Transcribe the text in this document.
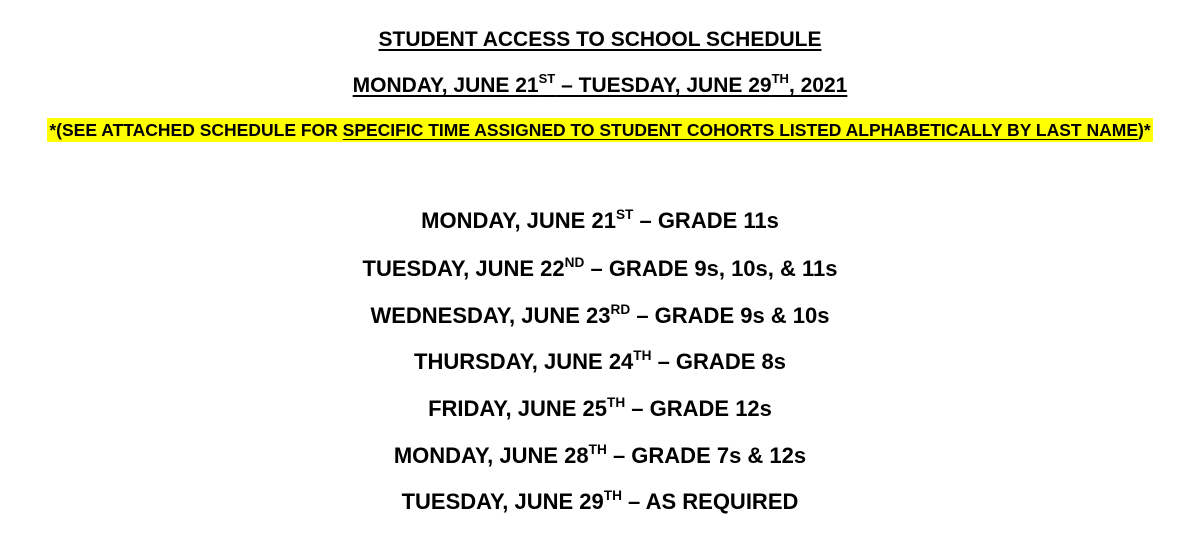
STUDENT ACCESS TO SCHOOL SCHEDULE
MONDAY, JUNE 21ST – TUESDAY, JUNE 29TH, 2021
*(SEE ATTACHED SCHEDULE FOR SPECIFIC TIME ASSIGNED TO STUDENT COHORTS LISTED ALPHABETICALLY BY LAST NAME)*
MONDAY, JUNE 21ST – GRADE 11s
TUESDAY, JUNE 22ND – GRADE 9s, 10s, & 11s
WEDNESDAY, JUNE 23RD – GRADE 9s & 10s
THURSDAY, JUNE 24TH – GRADE 8s
FRIDAY, JUNE 25TH – GRADE 12s
MONDAY, JUNE 28TH – GRADE 7s & 12s
TUESDAY, JUNE 29TH – AS REQUIRED
